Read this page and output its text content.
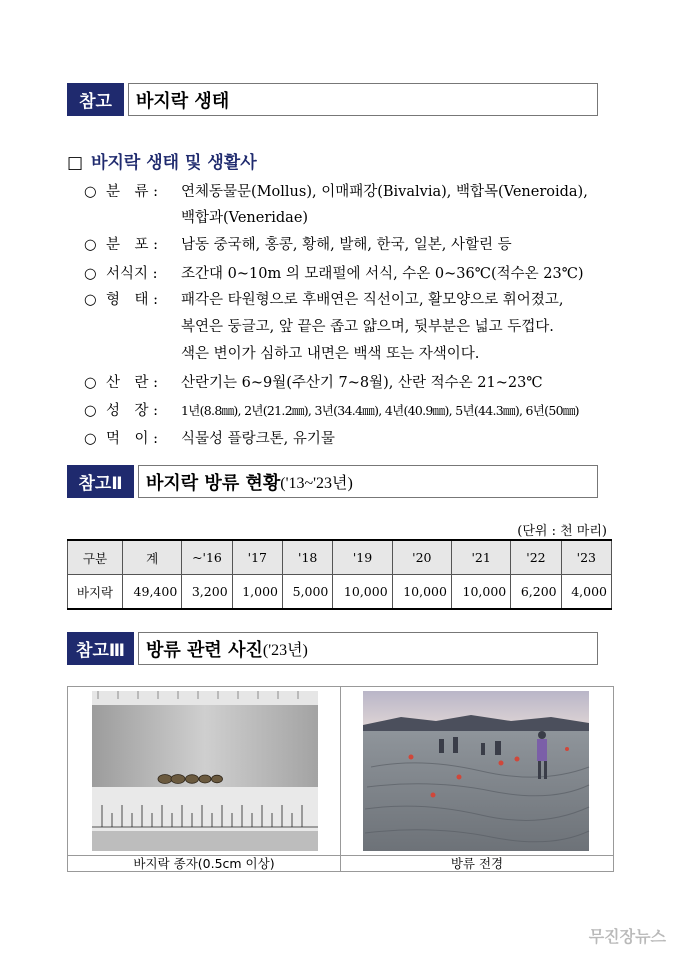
참고	바지락 생태
□ 바지락 생태 및 생활사
○ 분　류 :	연체동물문(Mollus), 이매패강(Bivalvia), 백합목(Veneroida),
백합과(Veneridae)
○ 분　포 :	남동 중국해, 홍콩, 황해, 발해, 한국, 일본, 사할린 등
○ 서식지 :	조간대 0~10m 의 모래펄에 서식, 수온 0~36℃(적수온 23℃)
○ 형　태 :	패각은 타원형으로 후배연은 직선이고, 활모양으로 휘어졌고,
복연은 둥글고, 앞 끝은 좁고 얇으며, 뒷부분은 넓고 두껍다.
색은 변이가 심하고 내면은 백색 또는 자색이다.
○ 산　란 :	산란기는 6~9월(주산기 7~8월), 산란 적수온 21~23℃
○ 성　장 :	1년(8.8㎜), 2년(21.2㎜), 3년(34.4㎜), 4년(40.9㎜), 5년(44.3㎜), 6년(50㎜)
○ 먹　이 :	식물성 플랑크톤, 유기물
참고Ⅱ	바지락 방류 현황 ('13~'23년)
(단위 : 천 마리)
구분	계	~'16	'17	'18	'19	'20	'21	'22	'23
바지락	49,400	3,200	1,000	5,000	10,000	10,000	10,000	6,200	4,000
참고Ⅲ	방류 관련 사진 ('23년)
바지락 종자(0.5cm 이상)	방류 전경
무진장뉴스
